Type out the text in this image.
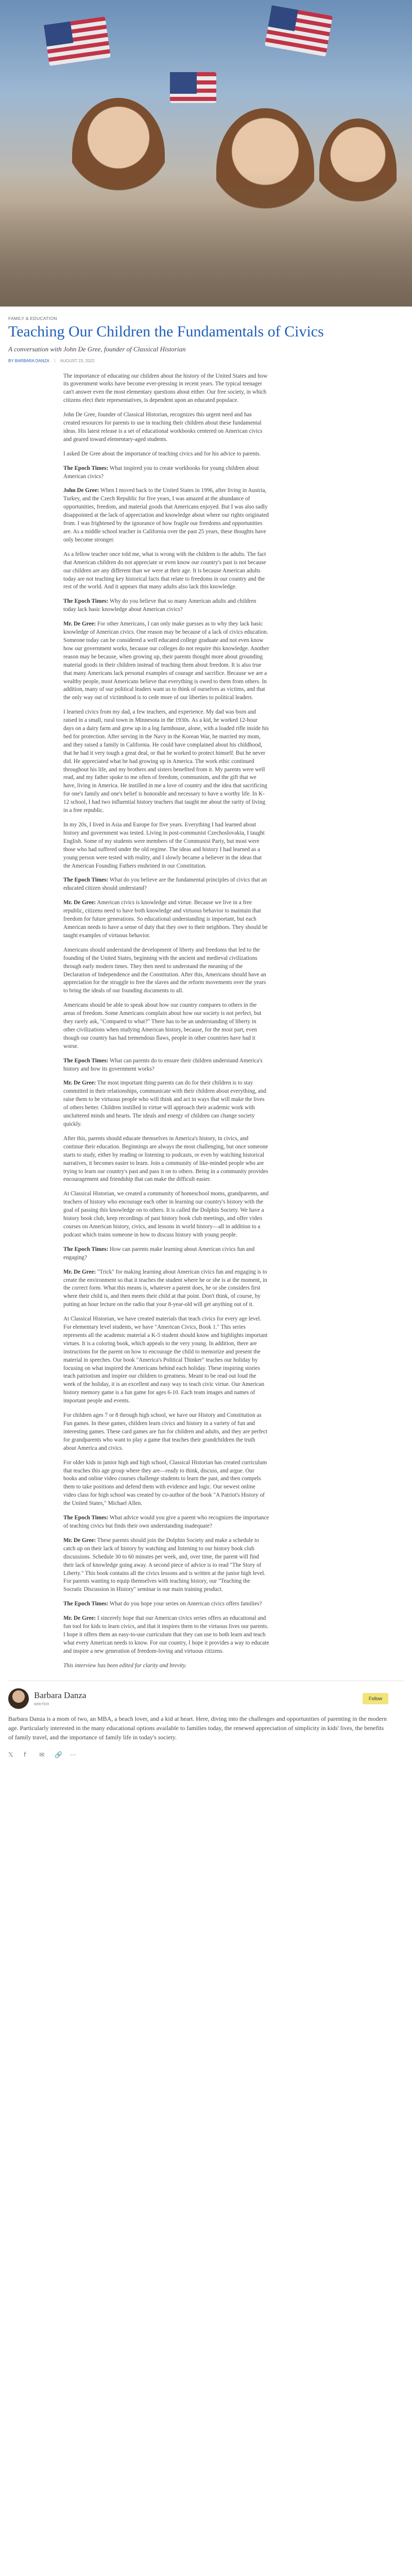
FAMILY & EDUCATION
Teaching Our Children the Fundamentals of Civics
A conversation with John De Gree, founder of Classical Historian
BY BARBARA DANZA	AUGUST 23, 2022

The importance of educating our children about the history of the United States and how its government works have become ever-pressing in recent years. The typical teenager can't answer even the most elementary questions about either. Our free society, in which citizens elect their representatives, is dependent upon an educated populace.

John De Gree, founder of Classical Historian, recognizes this urgent need and has created resources for parents to use in teaching their children about these fundamental ideas. His latest release is a set of educational workbooks centered on American civics and geared toward elementary-aged students.

I asked De Gree about the importance of teaching civics and for his advice to parents.

The Epoch Times: What inspired you to create workbooks for young children about American civics?

John De Gree: When I moved back to the United States in 1996, after living in Austria, Turkey, and the Czech Republic for five years, I was amazed at the abundance of opportunities, freedom, and material goods that Americans enjoyed. But I was also sadly disappointed at the lack of appreciation and knowledge about where our rights originated from. I was frightened by the ignorance of how fragile our freedoms and opportunities are. As a middle school teacher in California over the past 25 years, these thoughts have only become stronger.

As a fellow teacher once told me, what is wrong with the children is the adults. The fact that American children do not appreciate or even know our country's past is not because our children are any different than we were at their age. It is because American adults today are not teaching key historical facts that relate to freedoms in our country and the rest of the world. And it appears that many adults also lack this knowledge.

The Epoch Times: Why do you believe that so many American adults and children today lack basic knowledge about American civics?

Mr. De Gree: For other Americans, I can only make guesses as to why they lack basic knowledge of American civics. One reason may be because of a lack of civics education. Someone today can be considered a well educated college graduate and not even know how our government works, because our colleges do not require this knowledge. Another reason may be because, when growing up, their parents thought more about grounding material goods in their children instead of teaching them about freedom. It is also true that many Americans lack personal examples of courage and sacrifice. Because we are a wealthy people, most Americans believe that everything is owed to them from others. In addition, many of our political leaders want us to think of ourselves as victims, and that the only way out of victimhood is to cede more of our liberties to political leaders.

I learned civics from my dad, a few teachers, and experience. My dad was born and raised in a small, rural town in Minnesota in the 1930s. As a kid, he worked 12-hour days on a dairy farm and grew up in a log farmhouse, alone, with a loaded rifle inside his bed for protection. After serving in the Navy in the Korean War, he married my mom, and they raised a family in California. He could have complained about his childhood, that he had it very tough a great deal, or that he worked to protect himself. But he never did. He appreciated what he had growing up in America. The work ethic continued throughout his life, and my brothers and sisters benefited from it. My parents were well read, and my father spoke to me often of freedom, communism, and the gift that we have, living in America. He instilled in me a love of country and the idea that sacrificing for one's family and one's belief is honorable and necessary to have a worthy life. In K-12 school, I had two influential history teachers that taught me about the rarity of living in a free republic.

In my 20s, I lived in Asia and Europe for five years. Everything I had learned about history and government was tested. Living in post-communist Czechoslovakia, I taught English. Some of my students were members of the Communist Party, but most were those who had suffered under the old regime. The ideas and history I had learned as a young person were tested with reality, and I slowly became a believer in the ideas that the American Founding Fathers enshrined in our Constitution.

The Epoch Times: What do you believe are the fundamental principles of civics that an educated citizen should understand?

Mr. De Gree: American civics is knowledge and virtue. Because we live in a free republic, citizens need to have both knowledge and virtuous behavior to maintain that freedom for future generations. So educational understanding is important, but each American needs to have a sense of duty that they owe to their neighbors. They should be taught examples of virtuous behavior.

Americans should understand the development of liberty and freedoms that led to the founding of the United States, beginning with the ancient and medieval civilizations through early modern times. They then need to understand the meaning of the Declaration of Independence and the Constitution. After this, Americans should have an appreciation for the struggle to free the slaves and the reform movements over the years to bring the ideals of our founding documents to all.

Americans should be able to speak about how our country compares to others in the areas of freedom. Some Americans complain about how our society is not perfect, but they rarely ask, "Compared to what?" There has to be an understanding of liberty in other civilizations when studying American history, because, for the most part, even though our country has had tremendous flaws, people in other countries have had it worse.

The Epoch Times: What can parents do to ensure their children understand America's history and how its government works?

Mr. De Gree: The most important thing parents can do for their children is to stay committed in their relationships, communicate with their children about everything, and raise them to be virtuous people who will think and act in ways that will make the lives of others better. Children instilled in virtue will approach their academic work with uncluttered minds and hearts. The ideals and energy of children can change society quickly.

After this, parents should educate themselves in America's history, in civics, and continue their education. Beginnings are always the most challenging, but once someone starts to study, either by reading or listening to podcasts, or even by watching historical narratives, it becomes easier to learn. Join a community of like-minded people who are trying to learn our country's past and pass it on to others. Being in a community provides encouragement and friendship that can make the difficult easier.

At Classical Historian, we created a community of homeschool moms, grandparents, and teachers of history who encourage each other in learning our country's history with the goal of passing this knowledge on to others. It is called the Dolphin Society. We have a history book club, keep recordings of past history book club meetings, and offer video courses on American history, civics, and lessons in world history—all in addition to a podcast which trains someone in how to discuss history with young people.

The Epoch Times: How can parents make learning about American civics fun and engaging?

Mr. De Gree: "Trick" for making learning about American civics fun and engaging is to create the environment so that it teaches the student where he or she is at the moment, in the correct form. What this means is, whatever a parent does, he or she considers first where their child is, and then meets their child at that point. Don't think, of course, by putting an hour lecture on the radio that your 8-year-old will get anything out of it.

At Classical Historian, we have created materials that teach civics for every age level. For elementary level students, we have "American Civics, Book 1." This series represents all the academic material a K-5 student should know and highlights important virtues. It is a coloring book, which appeals to the very young. In addition, there are instructions for the parent on how to encourage the child to memorize and present the material in speeches. Our book "America's Political Thinker" teaches our holiday by focusing on what inspired the Americans behind each holiday. These inspiring stories teach patriotism and inspire our children to greatness. Meant to be read out loud the week of the holiday, it is an excellent and easy way to teach civic virtue. Our American history memory game is a fun game for ages 6-10. Each team images and names of important people and events.

For children ages 7 or 8 through high school, we have our History and Constitution as Fun games. In these games, children learn civics and history in a variety of fun and interesting games. These card games are fun for children and adults, and they are perfect for grandparents who want to play a game that teaches their grandchildren the truth about America and civics.

For older kids in junior high and high school, Classical Historian has created curriculum that teaches this age group where they are—ready to think, discuss, and argue. Our books and online video courses challenge students to learn the past, and then compels them to take positions and defend them with evidence and logic. Our newest online video class for high school was created by co-author of the book "A Patriot's History of the United States," Michael Allen.

The Epoch Times: What advice would you give a parent who recognizes the importance of teaching civics but finds their own understanding inadequate?

Mr. De Gree: These parents should join the Dolphin Society and make a schedule to catch up on their lack of history by watching and listening to our history book club discussions. Schedule 30 to 60 minutes per week, and, over time, the parent will find their lack of knowledge going away. A second piece of advice is to read "The Story of Liberty." This book contains all the civics lessons and is written at the junior high level. For parents wanting to equip themselves with teaching history, our "Teaching the Socratic Discussion in History" seminar is our main training product.

The Epoch Times: What do you hope your series on American civics offers families?

Mr. De Gree: I sincerely hope that our American civics series offers an educational and fun tool for kids to learn civics, and that it inspires them to the virtuous lives our parents. I hope it offers them an easy-to-use curriculum that they can use to both learn and teach what every American needs to know. For our country, I hope it provides a way to educate and inspire a new generation of freedom-loving and virtuous citizens.

This interview has been edited for clarity and brevity.

Barbara Danza
WRITER
Follow
Barbara Danza is a mom of two, an MBA, a beach lover, and a kid at heart. Here, diving into the challenges and opportunities of parenting in the modern age. Particularly interested in the many educational options available to families today, the renewed appreciation of simplicity in kids' lives, the benefits of family travel, and the importance of family life in today's society.
𝕏	f	✉	🔗 ⋯
